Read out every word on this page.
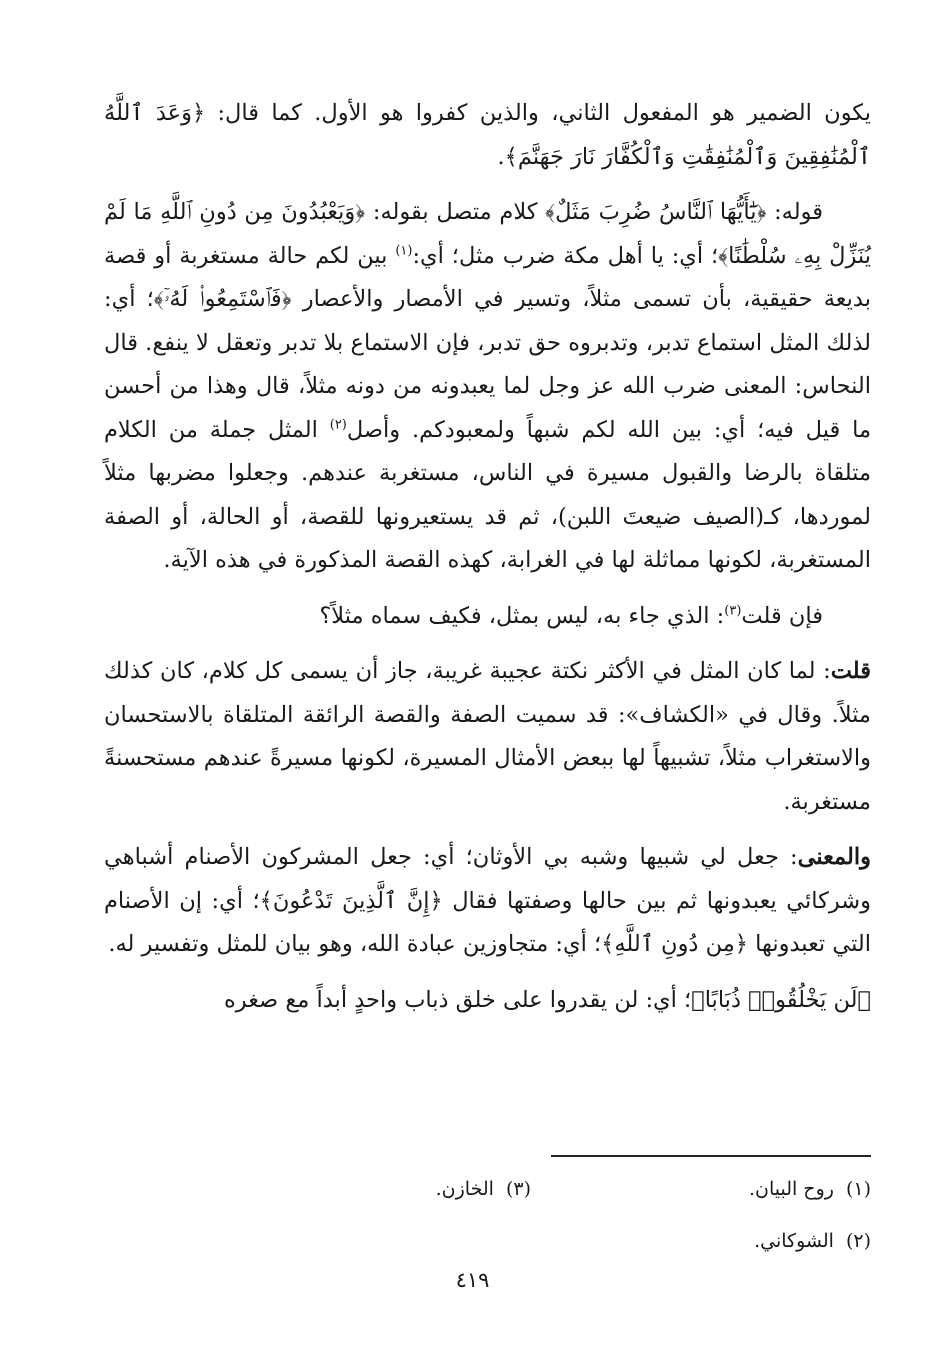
يكون الضمير هو المفعول الثاني، والذين كفروا هو الأول. كما قال: ﴿وَعَدَ ٱللَّهُ ٱلْمُنَٰفِقِينَ وَٱلْمُنَٰفِقَٰتِ وَٱلْكُفَّارَ نَارَ جَهَنَّمَ﴾.

قوله: ﴿يَٰٓأَيُّهَا ٱلنَّاسُ ضُرِبَ مَثَلٌ﴾ كلام متصل بقوله: ﴿وَيَعْبُدُونَ مِن دُونِ ٱللَّهِ مَا لَمْ يُنَزِّلْ بِهِۦ سُلْطَٰنًا﴾؛ أي: يا أهل مكة ضرب مثل؛ أي:$^{(١)}$ بين لكم حالة مستغربة أو قصة بديعة حقيقية، بأن تسمى مثلاً، وتسير في الأمصار والأعصار ﴿فَٱسْتَمِعُوا۟ لَهُۥٓ﴾؛ أي: لذلك المثل استماع تدبر، وتدبروه حق تدبر، فإن الاستماع بلا تدبر وتعقل لا ينفع. قال النحاس: المعنى ضرب الله عز وجل لما يعبدونه من دونه مثلاً، قال وهذا من أحسن ما قيل فيه؛ أي: بين الله لكم شبهاً ولمعبودكم. وأصل$^{(٢)}$ المثل جملة من الكلام متلقاة بالرضا والقبول مسيرة في الناس، مستغربة عندهم. وجعلوا مضربها مثلاً لموردها، كـ(الصيف ضيعتَ اللبن)، ثم قد يستعيرونها للقصة، أو الحالة، أو الصفة المستغربة، لكونها مماثلة لها في الغرابة، كهذه القصة المذكورة في هذه الآية.

فإن قلت$^{(٣)}$: الذي جاء به، ليس بمثل، فكيف سماه مثلاً؟

قلت: لما كان المثل في الأكثر نكتة عجيبة غريبة، جاز أن يسمى كل كلام، كان كذلك مثلاً. وقال في «الكشاف»: قد سميت الصفة والقصة الرائقة المتلقاة بالاستحسان والاستغراب مثلاً، تشبيهاً لها ببعض الأمثال المسيرة، لكونها مسيرةً عندهم مستحسنةً مستغربة.

والمعنى: جعل لي شبيها وشبه بي الأوثان؛ أي: جعل المشركون الأصنام أشباهي وشركائي يعبدونها ثم بين حالها وصفتها فقال ﴿إِنَّ ٱلَّذِينَ تَدْعُونَ﴾؛ أي: إن الأصنام التي تعبدونها ﴿مِن دُونِ ٱللَّهِ﴾؛ أي: متجاوزين عبادة الله، وهو بيان للمثل وتفسير له.

﴿لَن يَخْلُقُوا۟ ذُبَابًا﴾؛ أي: لن يقدروا على خلق ذباب واحدٍ أبداً مع صغره

(١)روح البيان.
(٣)الخازن.
(٢)الشوكاني.
٤١٩
